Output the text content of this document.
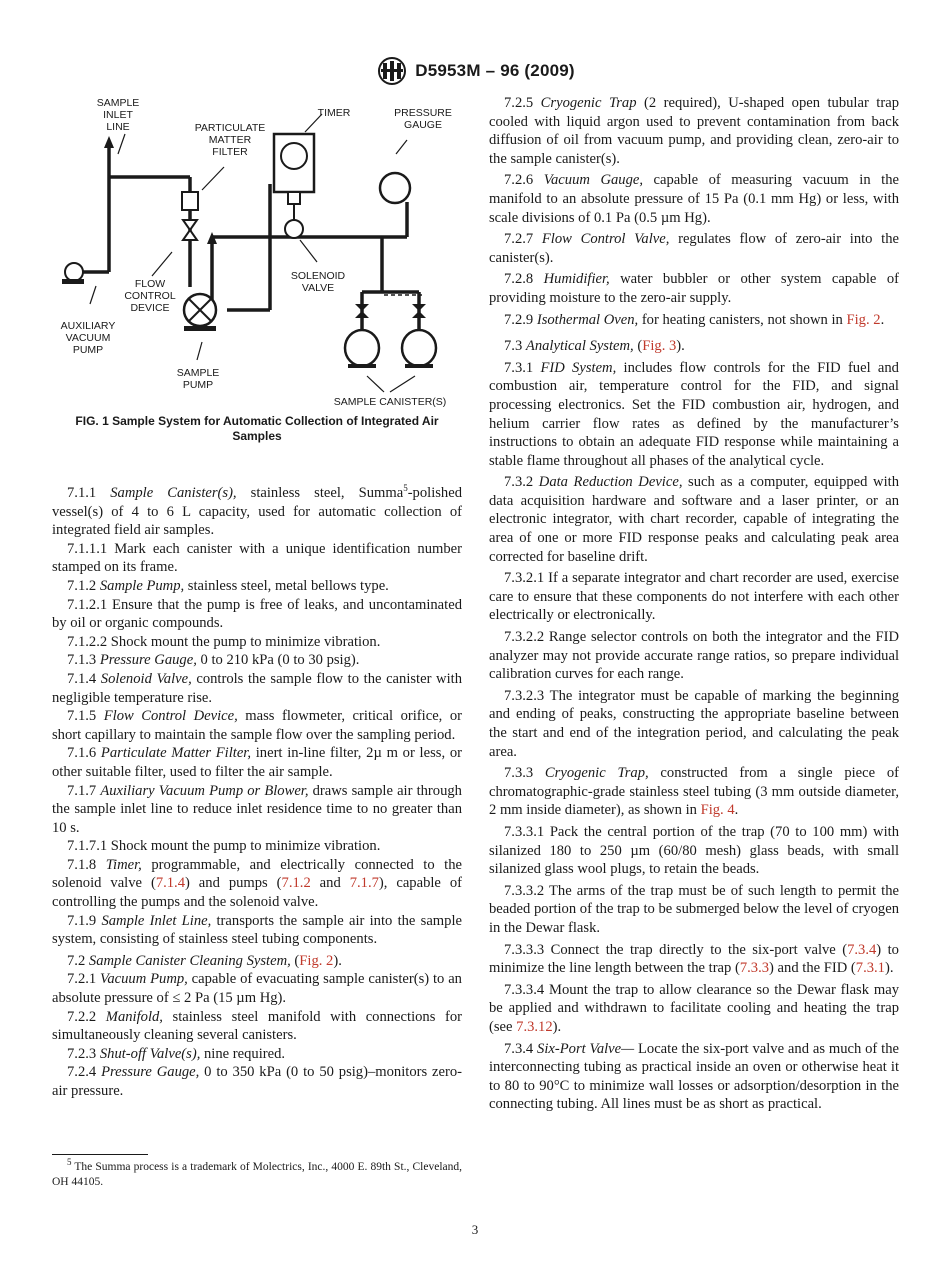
D5953M – 96 (2009)
SAMPLE
INLET
LINE	PARTICULATE
MATTER
FILTER
TIMER	PRESSURE
GAUGE
FLOW
CONTROL
DEVICE
SOLENOID
VALVE
AUXILIARY
VACUUM
PUMP
SAMPLE
PUMP
SAMPLE CANISTER(S)
FIG. 1 Sample System for Automatic Collection of Integrated Air Samples

7.1.1 Sample Canister(s), stainless steel, Summa$^5$-polished vessel(s) of 4 to 6 L capacity, used for automatic collection of integrated field air samples.

7.1.1.1 Mark each canister with a unique identification number stamped on its frame.

7.1.2 Sample Pump, stainless steel, metal bellows type.

7.1.2.1 Ensure that the pump is free of leaks, and uncontaminated by oil or organic compounds.

7.1.2.2 Shock mount the pump to minimize vibration.

7.1.3 Pressure Gauge, 0 to 210 kPa (0 to 30 psig).

7.1.4 Solenoid Valve, controls the sample flow to the canister with negligible temperature rise.

7.1.5 Flow Control Device, mass flowmeter, critical orifice, or short capillary to maintain the sample flow over the sampling period.

7.1.6 Particulate Matter Filter, inert in-line filter, 2µ m or less, or other suitable filter, used to filter the air sample.

7.1.7 Auxiliary Vacuum Pump or Blower, draws sample air through the sample inlet line to reduce inlet residence time to no greater than 10 s.

7.1.7.1 Shock mount the pump to minimize vibration.

7.1.8 Timer, programmable, and electrically connected to the solenoid valve (7.1.4) and pumps (7.1.2 and 7.1.7), capable of controlling the pumps and the solenoid valve.

7.1.9 Sample Inlet Line, transports the sample air into the sample system, consisting of stainless steel tubing components.

7.2 Sample Canister Cleaning System, (Fig. 2).

7.2.1 Vacuum Pump, capable of evacuating sample canister(s) to an absolute pressure of ≤ 2 Pa (15 µm Hg).

7.2.2 Manifold, stainless steel manifold with connections for simultaneously cleaning several canisters.

7.2.3 Shut-off Valve(s), nine required.

7.2.4 Pressure Gauge, 0 to 350 kPa (0 to 50 psig)–monitors zero-air pressure.

7.2.5 Cryogenic Trap (2 required), U-shaped open tubular trap cooled with liquid argon used to prevent contamination from back diffusion of oil from vacuum pump, and providing clean, zero-air to the sample canister(s).

7.2.6 Vacuum Gauge, capable of measuring vacuum in the manifold to an absolute pressure of 15 Pa (0.1 mm Hg) or less, with scale divisions of 0.1 Pa (0.5 µm Hg).

7.2.7 Flow Control Valve, regulates flow of zero-air into the canister(s).

7.2.8 Humidifier, water bubbler or other system capable of providing moisture to the zero-air supply.

7.2.9 Isothermal Oven, for heating canisters, not shown in Fig. 2.

7.3 Analytical System, (Fig. 3).

7.3.1 FID System, includes flow controls for the FID fuel and combustion air, temperature control for the FID, and signal processing electronics. Set the FID combustion air, hydrogen, and helium carrier flow rates as defined by the manufacturer’s instructions to obtain an adequate FID response while maintaining a stable flame throughout all phases of the analytical cycle.

7.3.2 Data Reduction Device, such as a computer, equipped with data acquisition hardware and software and a laser printer, or an electronic integrator, with chart recorder, capable of integrating the area of one or more FID response peaks and calculating peak area corrected for baseline drift.

7.3.2.1 If a separate integrator and chart recorder are used, exercise care to ensure that these components do not interfere with each other electrically or electronically.

7.3.2.2 Range selector controls on both the integrator and the FID analyzer may not provide accurate range ratios, so prepare individual calibration curves for each range.

7.3.2.3 The integrator must be capable of marking the beginning and ending of peaks, constructing the appropriate baseline between the start and end of the integration period, and calculating the peak area.

7.3.3 Cryogenic Trap, constructed from a single piece of chromatographic-grade stainless steel tubing (3 mm outside diameter, 2 mm inside diameter), as shown in Fig. 4.

7.3.3.1 Pack the central portion of the trap (70 to 100 mm) with silanized 180 to 250 µm (60/80 mesh) glass beads, with small silanized glass wool plugs, to retain the beads.

7.3.3.2 The arms of the trap must be of such length to permit the beaded portion of the trap to be submerged below the level of cryogen in the Dewar flask.

7.3.3.3 Connect the trap directly to the six-port valve (7.3.4) to minimize the line length between the trap (7.3.3) and the FID (7.3.1).

7.3.3.4 Mount the trap to allow clearance so the Dewar flask may be applied and withdrawn to facilitate cooling and heating the trap (see 7.3.12).

7.3.4 Six-Port Valve— Locate the six-port valve and as much of the interconnecting tubing as practical inside an oven or otherwise heat it to 80 to 90°C to minimize wall losses or adsorption/desorption in the connecting tubing. All lines must be as short as practical.

$^5$ The Summa process is a trademark of Molectrics, Inc., 4000 E. 89th St., Cleveland, OH 44105.
3
